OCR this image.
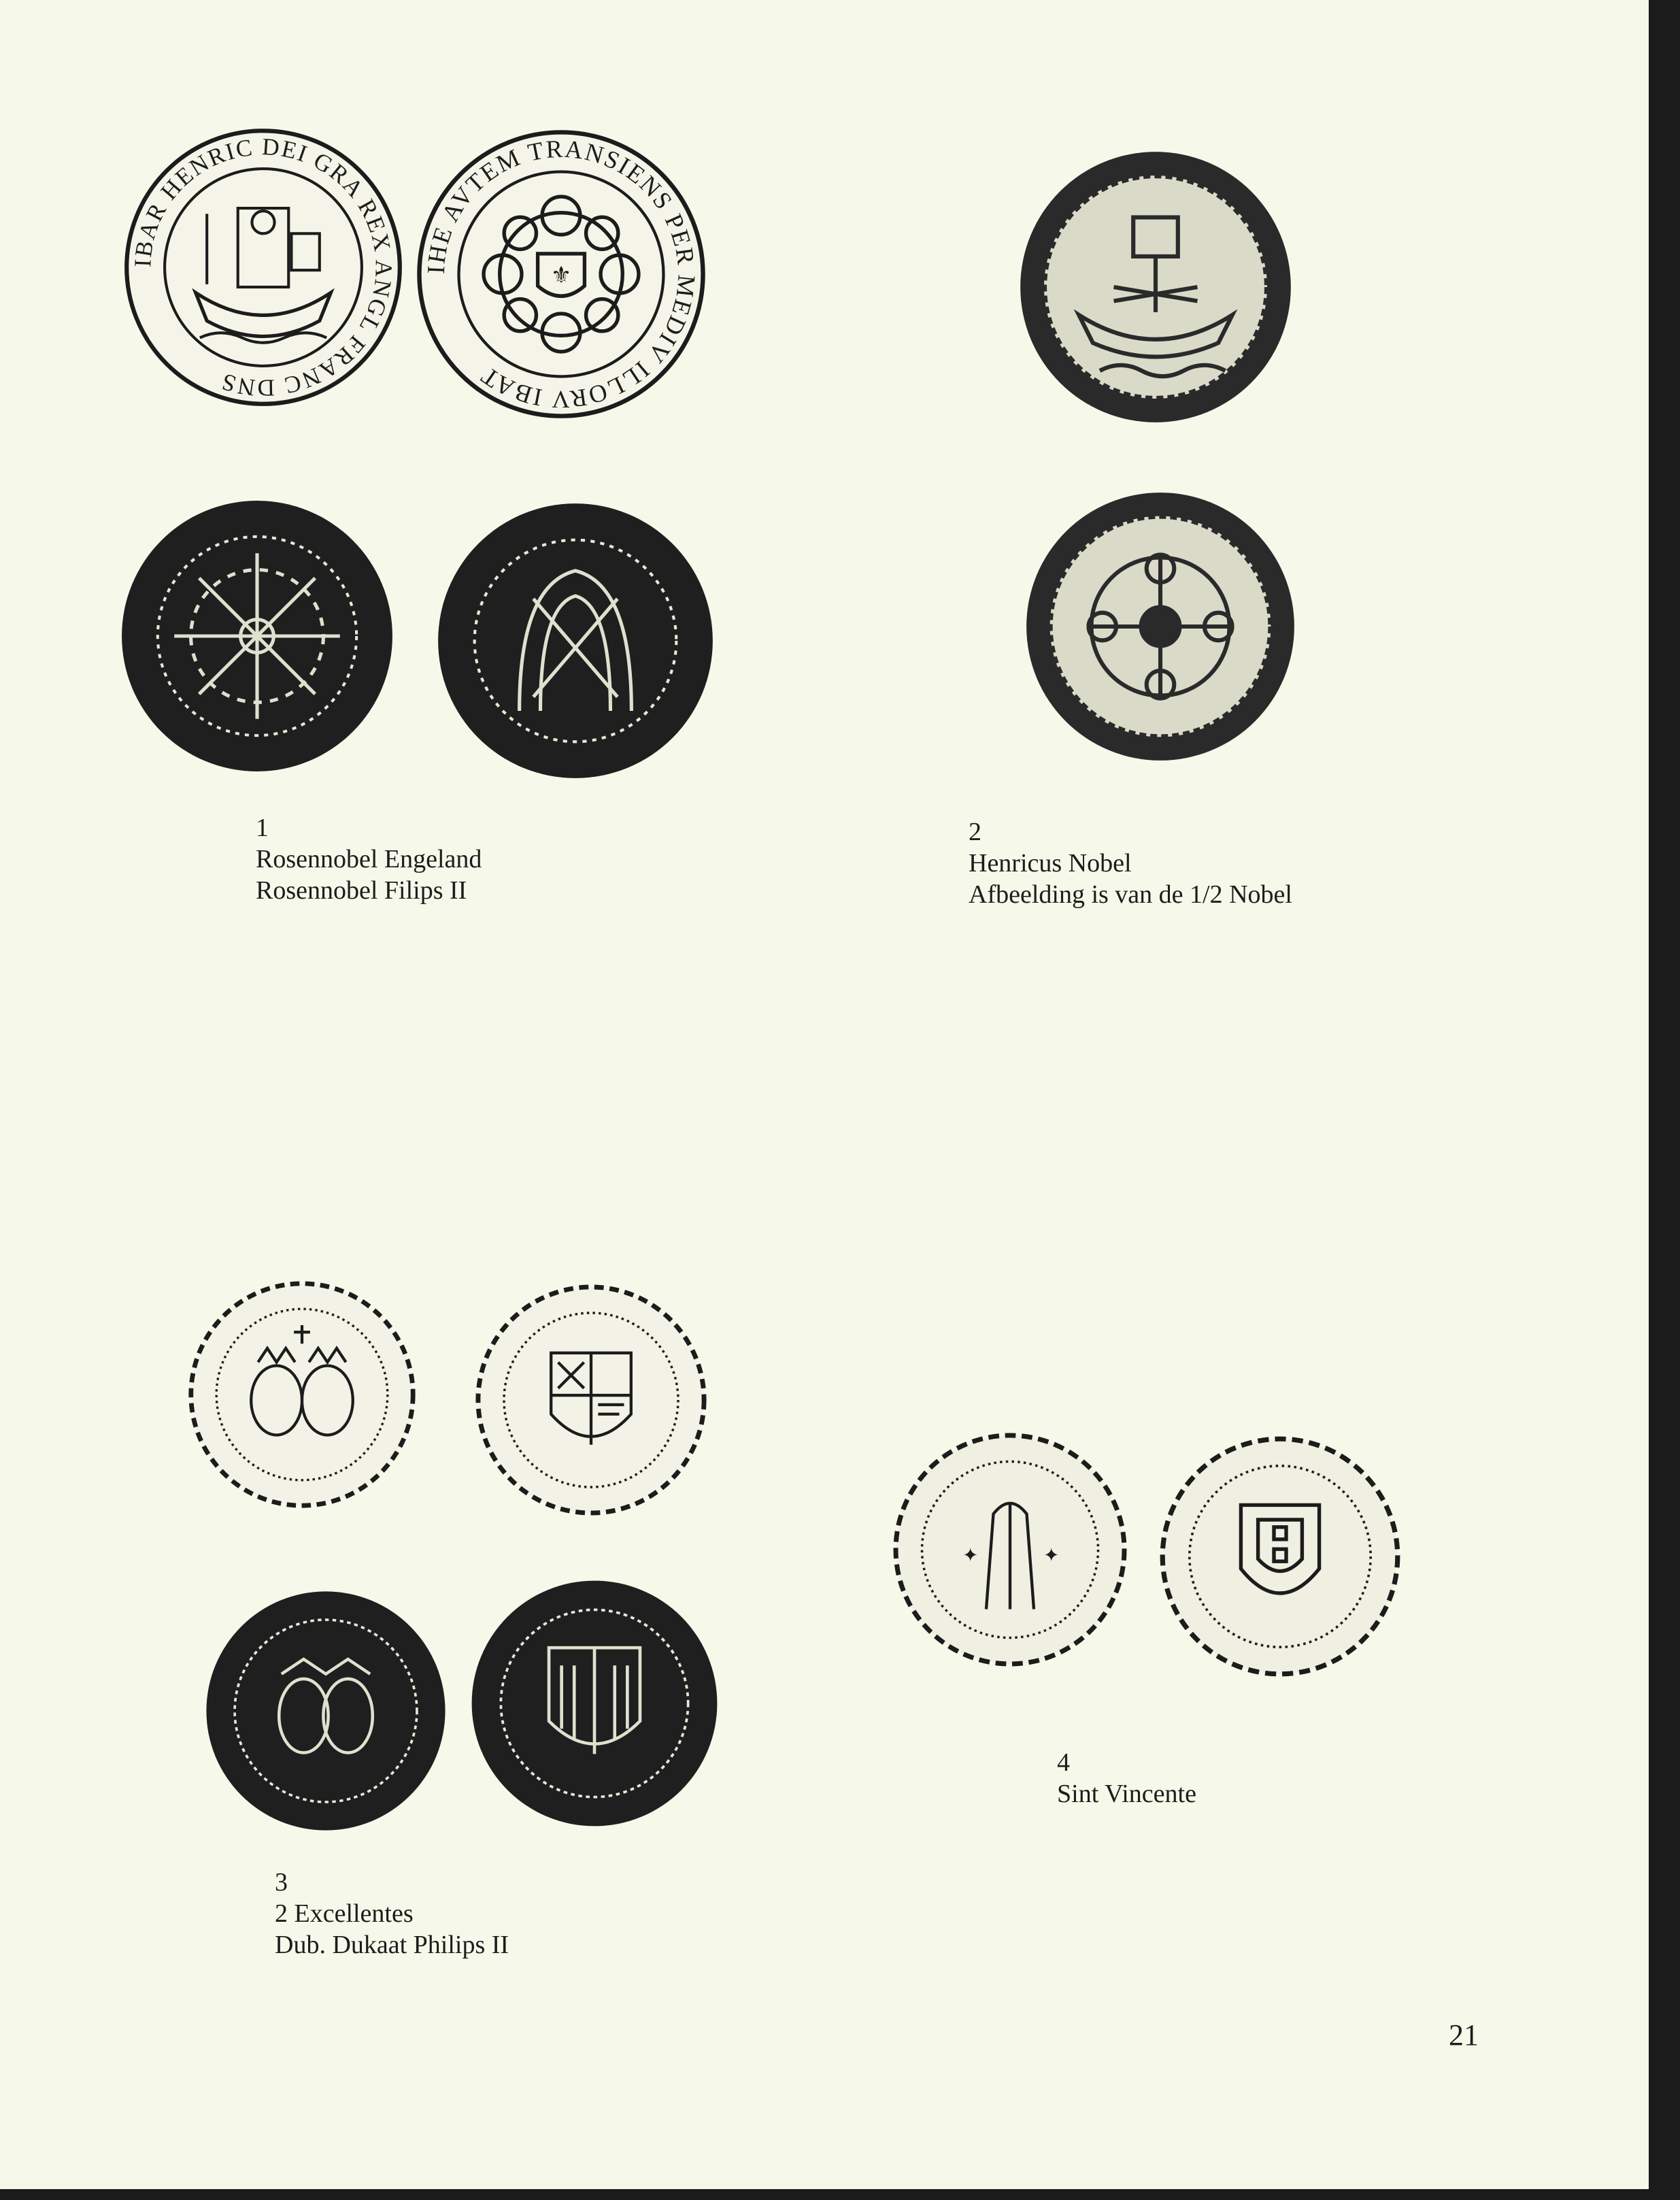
IBAR HENRIC DEI GRA REX ANGL FRANC DNS
IHE AVTEM TRANSIENS PER MEDIV ILLORV IBAT
⚜
✦	✦
1
Rosennobel Engeland
Rosennobel Filips II
2
Henricus Nobel
Afbeelding is van de 1/2 Nobel
3
2 Excellentes
Dub. Dukaat Philips II
4
Sint Vincente
21
